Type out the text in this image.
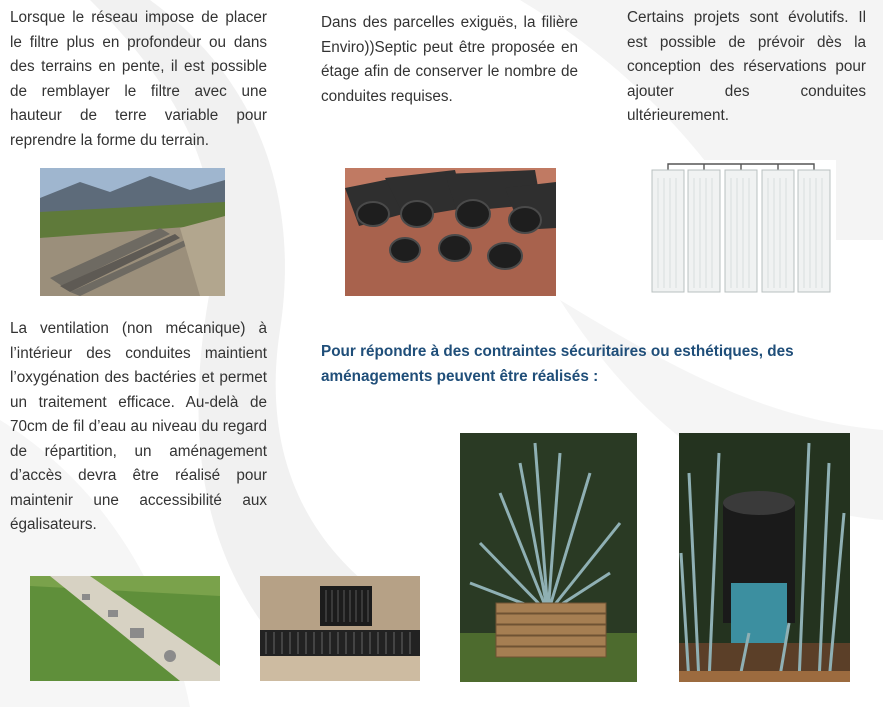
Lorsque le réseau impose de placer le filtre plus en profondeur ou dans des terrains en pente, il est possible de remblayer le filtre avec une hauteur de terre variable pour reprendre la forme du terrain.

Dans des parcelles exiguës, la filière Enviro))Septic peut être proposée en étage afin de conserver le nombre de conduites requises.

Certains projets sont évolutifs. Il est possible de prévoir dès la conception des réservations pour ajouter des conduites ultérieurement.

La ventilation (non mécanique) à l’intérieur des conduites maintient l’oxygénation des bactéries et permet un traitement efficace. Au-delà de 70cm de fil d’eau au niveau du regard de répartition, un aménagement d’accès devra être réalisé pour maintenir une accessibilité aux égalisateurs.

Pour répondre à des contraintes sécuritaires ou esthétiques, des aménagements peuvent être réalisés :
